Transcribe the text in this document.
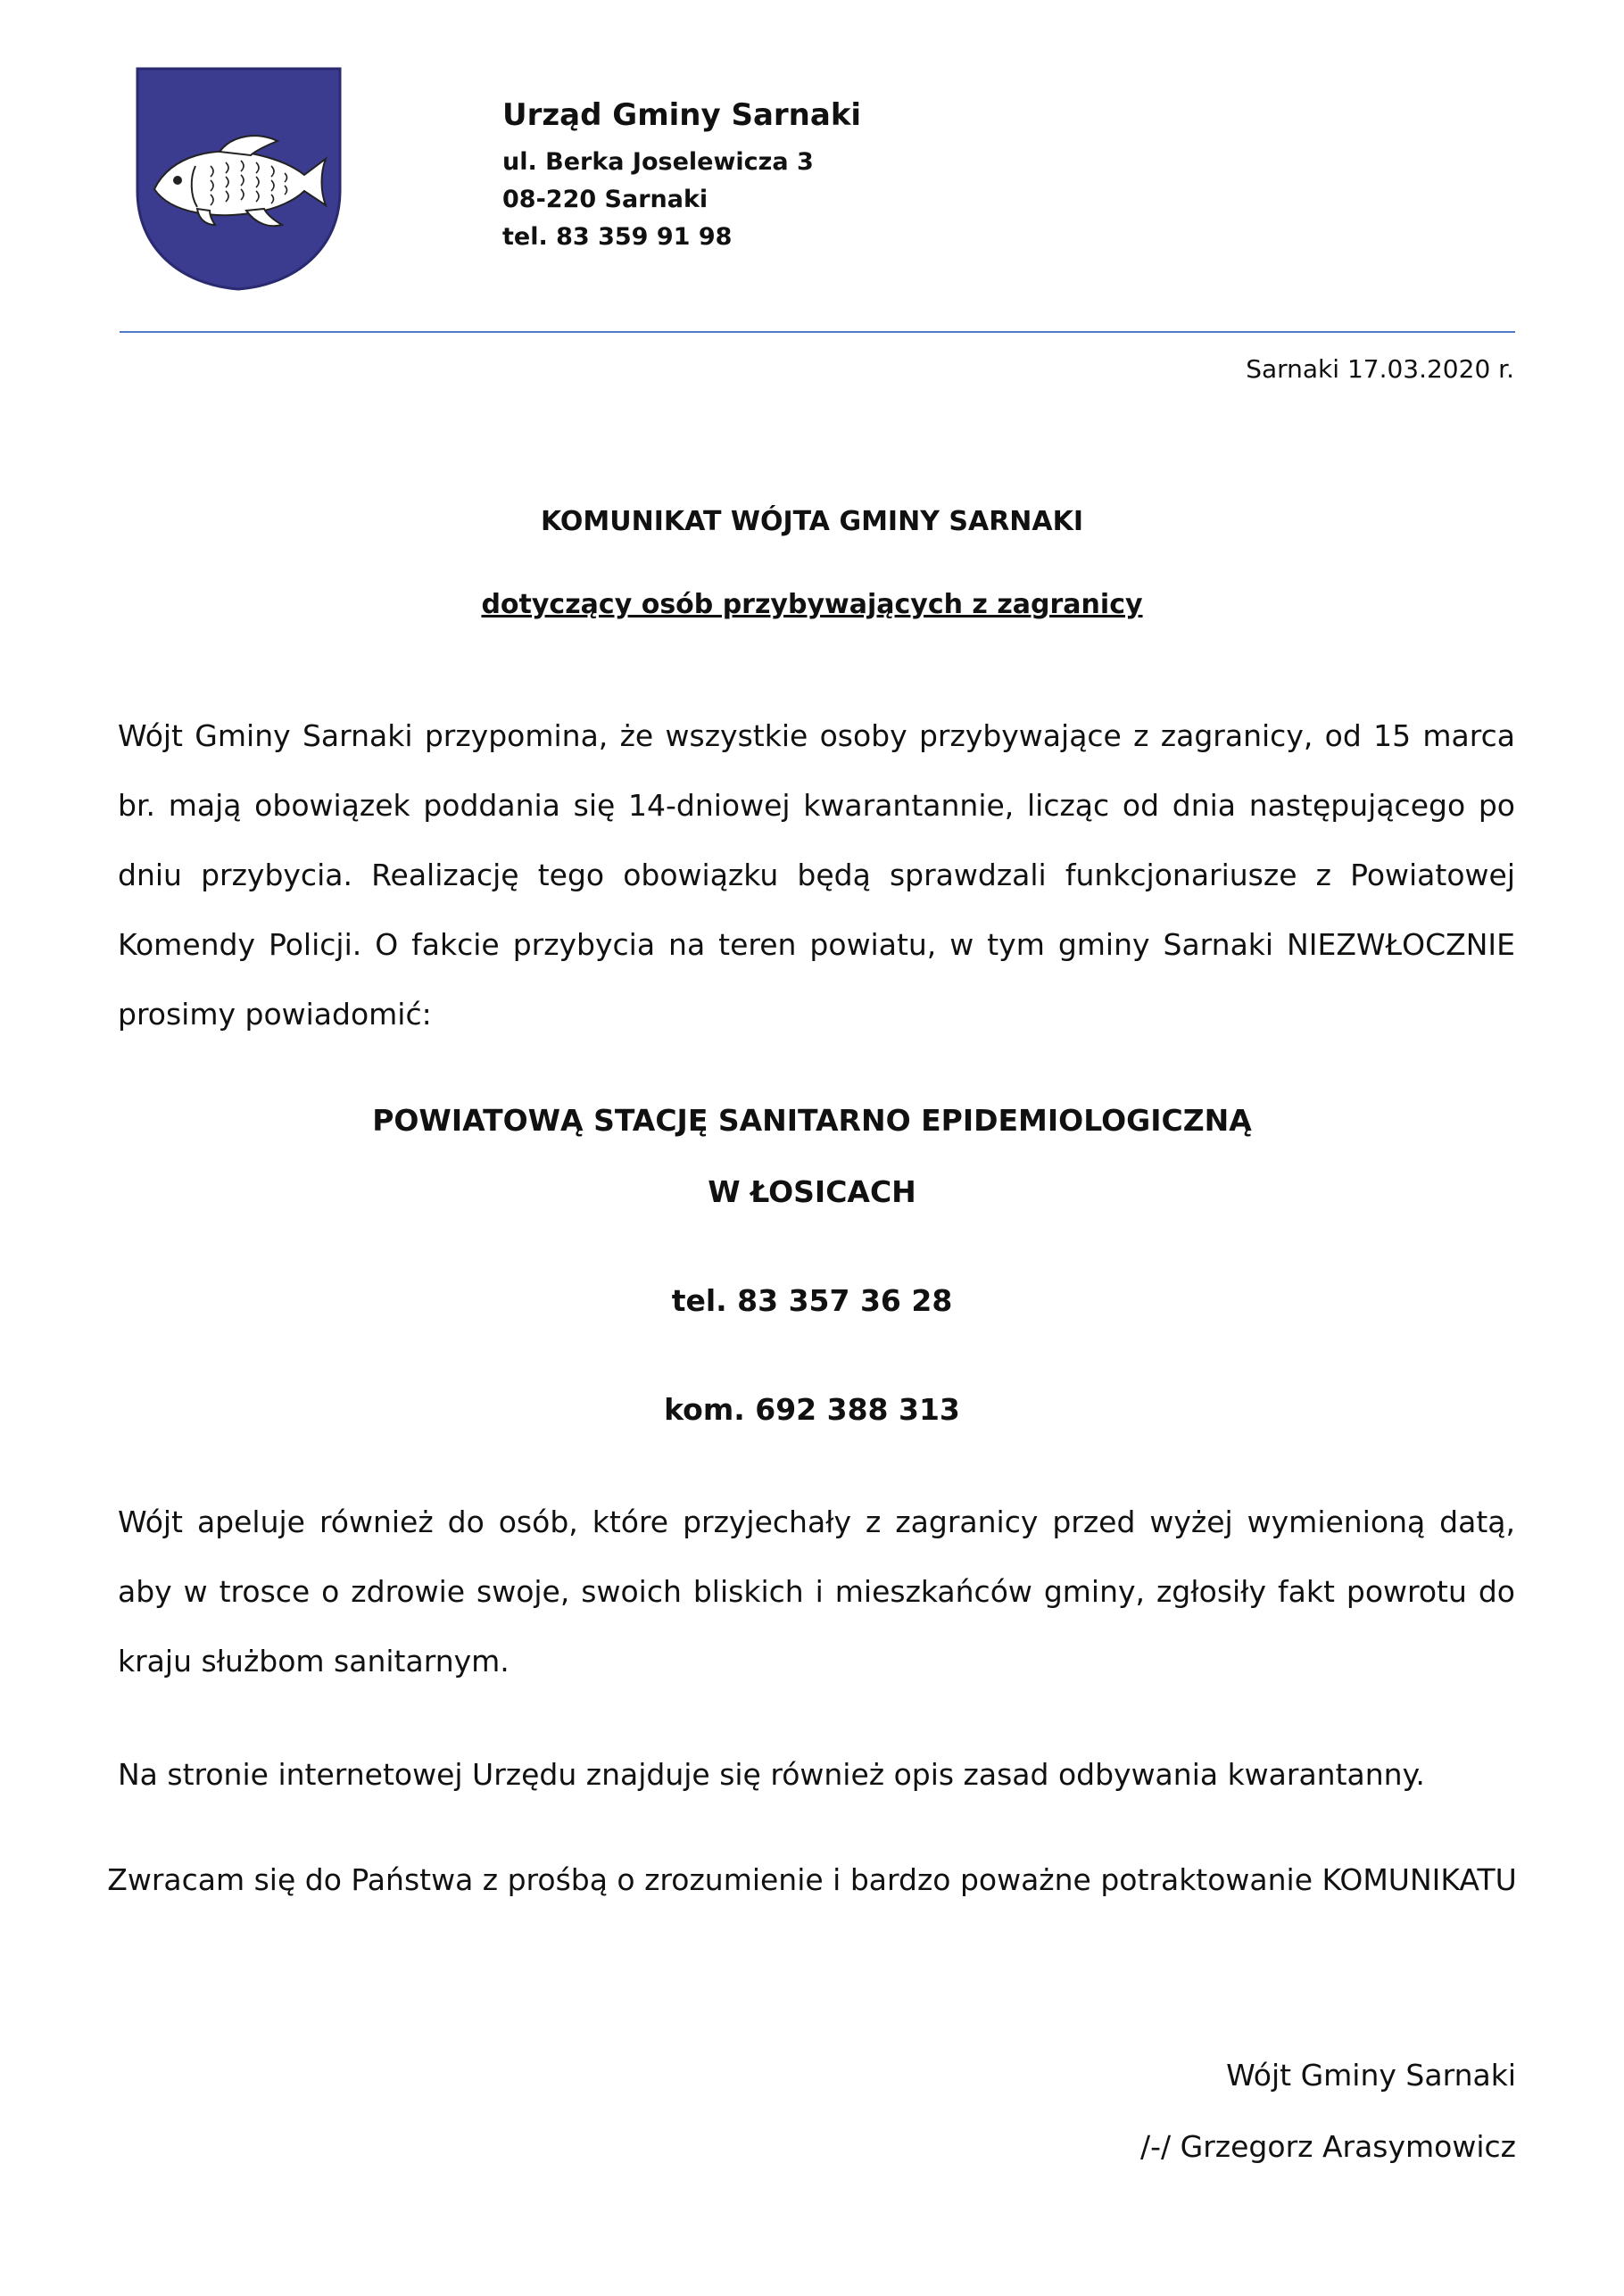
Urząd Gminy Sarnaki
ul. Berka Joselewicza 3
08-220 Sarnaki
tel. 83 359 91 98
Sarnaki 17.03.2020 r.
KOMUNIKAT WÓJTA GMINY SARNAKI
dotyczący osób przybywających z zagranicy
Wójt Gminy Sarnaki przypomina, że wszystkie osoby przybywające z zagranicy, od 15 marca br. mają obowiązek poddania się 14-dniowej kwarantannie, licząc od dnia następującego po dniu przybycia. Realizację tego obowiązku będą sprawdzali funkcjonariusze z Powiatowej Komendy Policji. O fakcie przybycia na teren powiatu, w tym gminy Sarnaki NIEZWŁOCZNIE prosimy powiadomić:
POWIATOWĄ STACJĘ SANITARNO EPIDEMIOLOGICZNĄ
W ŁOSICACH
tel. 83 357 36 28
kom. 692 388 313
Wójt apeluje również do osób, które przyjechały z zagranicy przed wyżej wymienioną datą, aby w trosce o zdrowie swoje, swoich bliskich i mieszkańców gminy, zgłosiły fakt powrotu do kraju służbom sanitarnym.
Na stronie internetowej Urzędu znajduje się również opis zasad odbywania kwarantanny.
Zwracam się do Państwa z prośbą o zrozumienie i bardzo poważne potraktowanie KOMUNIKATU
Wójt Gminy Sarnaki
/-/ Grzegorz Arasymowicz
